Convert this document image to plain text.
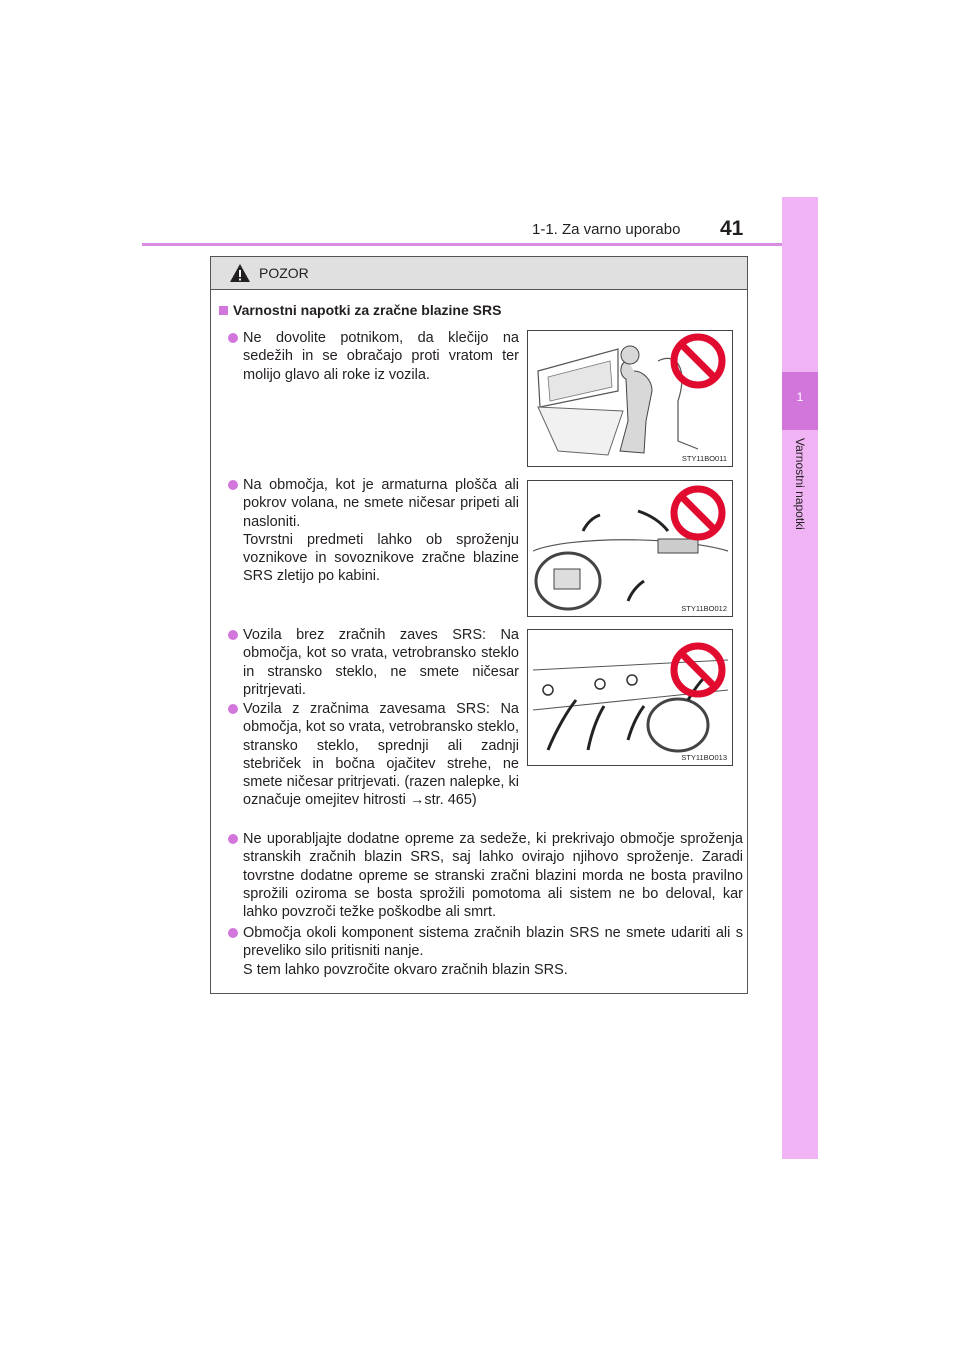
1-1. Za varno uporabo 41
1
Varnostni napotki
POZOR
Varnostni napotki za zračne blazine SRS

Ne dovolite potnikom, da klečijo na sedežih in se obračajo proti vratom ter molijo glavo ali roke iz vozila.

Na območja, kot je armaturna plošča ali pokrov volana, ne smete ničesar pripeti ali nasloniti.

Tovrstni predmeti lahko ob sproženju voznikove in sovoznikove zračne blazine SRS zletijo po kabini.

Vozila brez zračnih zaves SRS: Na območja, kot so vrata, vetrobransko steklo in stransko steklo, ne smete ničesar pritrjevati.

Vozila z zračnima zavesama SRS: Na območja, kot so vrata, vetrobransko steklo, stransko steklo, sprednji ali zadnji stebriček in bočna ojačitev strehe, ne smete ničesar pritrjevati. (razen nalepke, ki označuje omejitev hitrosti →str. 465)

Ne uporabljajte dodatne opreme za sedeže, ki prekrivajo območje sproženja stranskih zračnih blazin SRS, saj lahko ovirajo njihovo sproženje. Zaradi tovrstne dodatne opreme se stranski zračni blazini morda ne bosta pravilno sprožili oziroma se bosta sprožili pomotoma ali sistem ne bo deloval, kar lahko povzroči težke poškodbe ali smrt.

Območja okoli komponent sistema zračnih blazin SRS ne smete udariti ali s preveliko silo pritisniti nanje.

S tem lahko povzročite okvaro zračnih blazin SRS.

STY11BO011
STY11BO012
STY11BO013
